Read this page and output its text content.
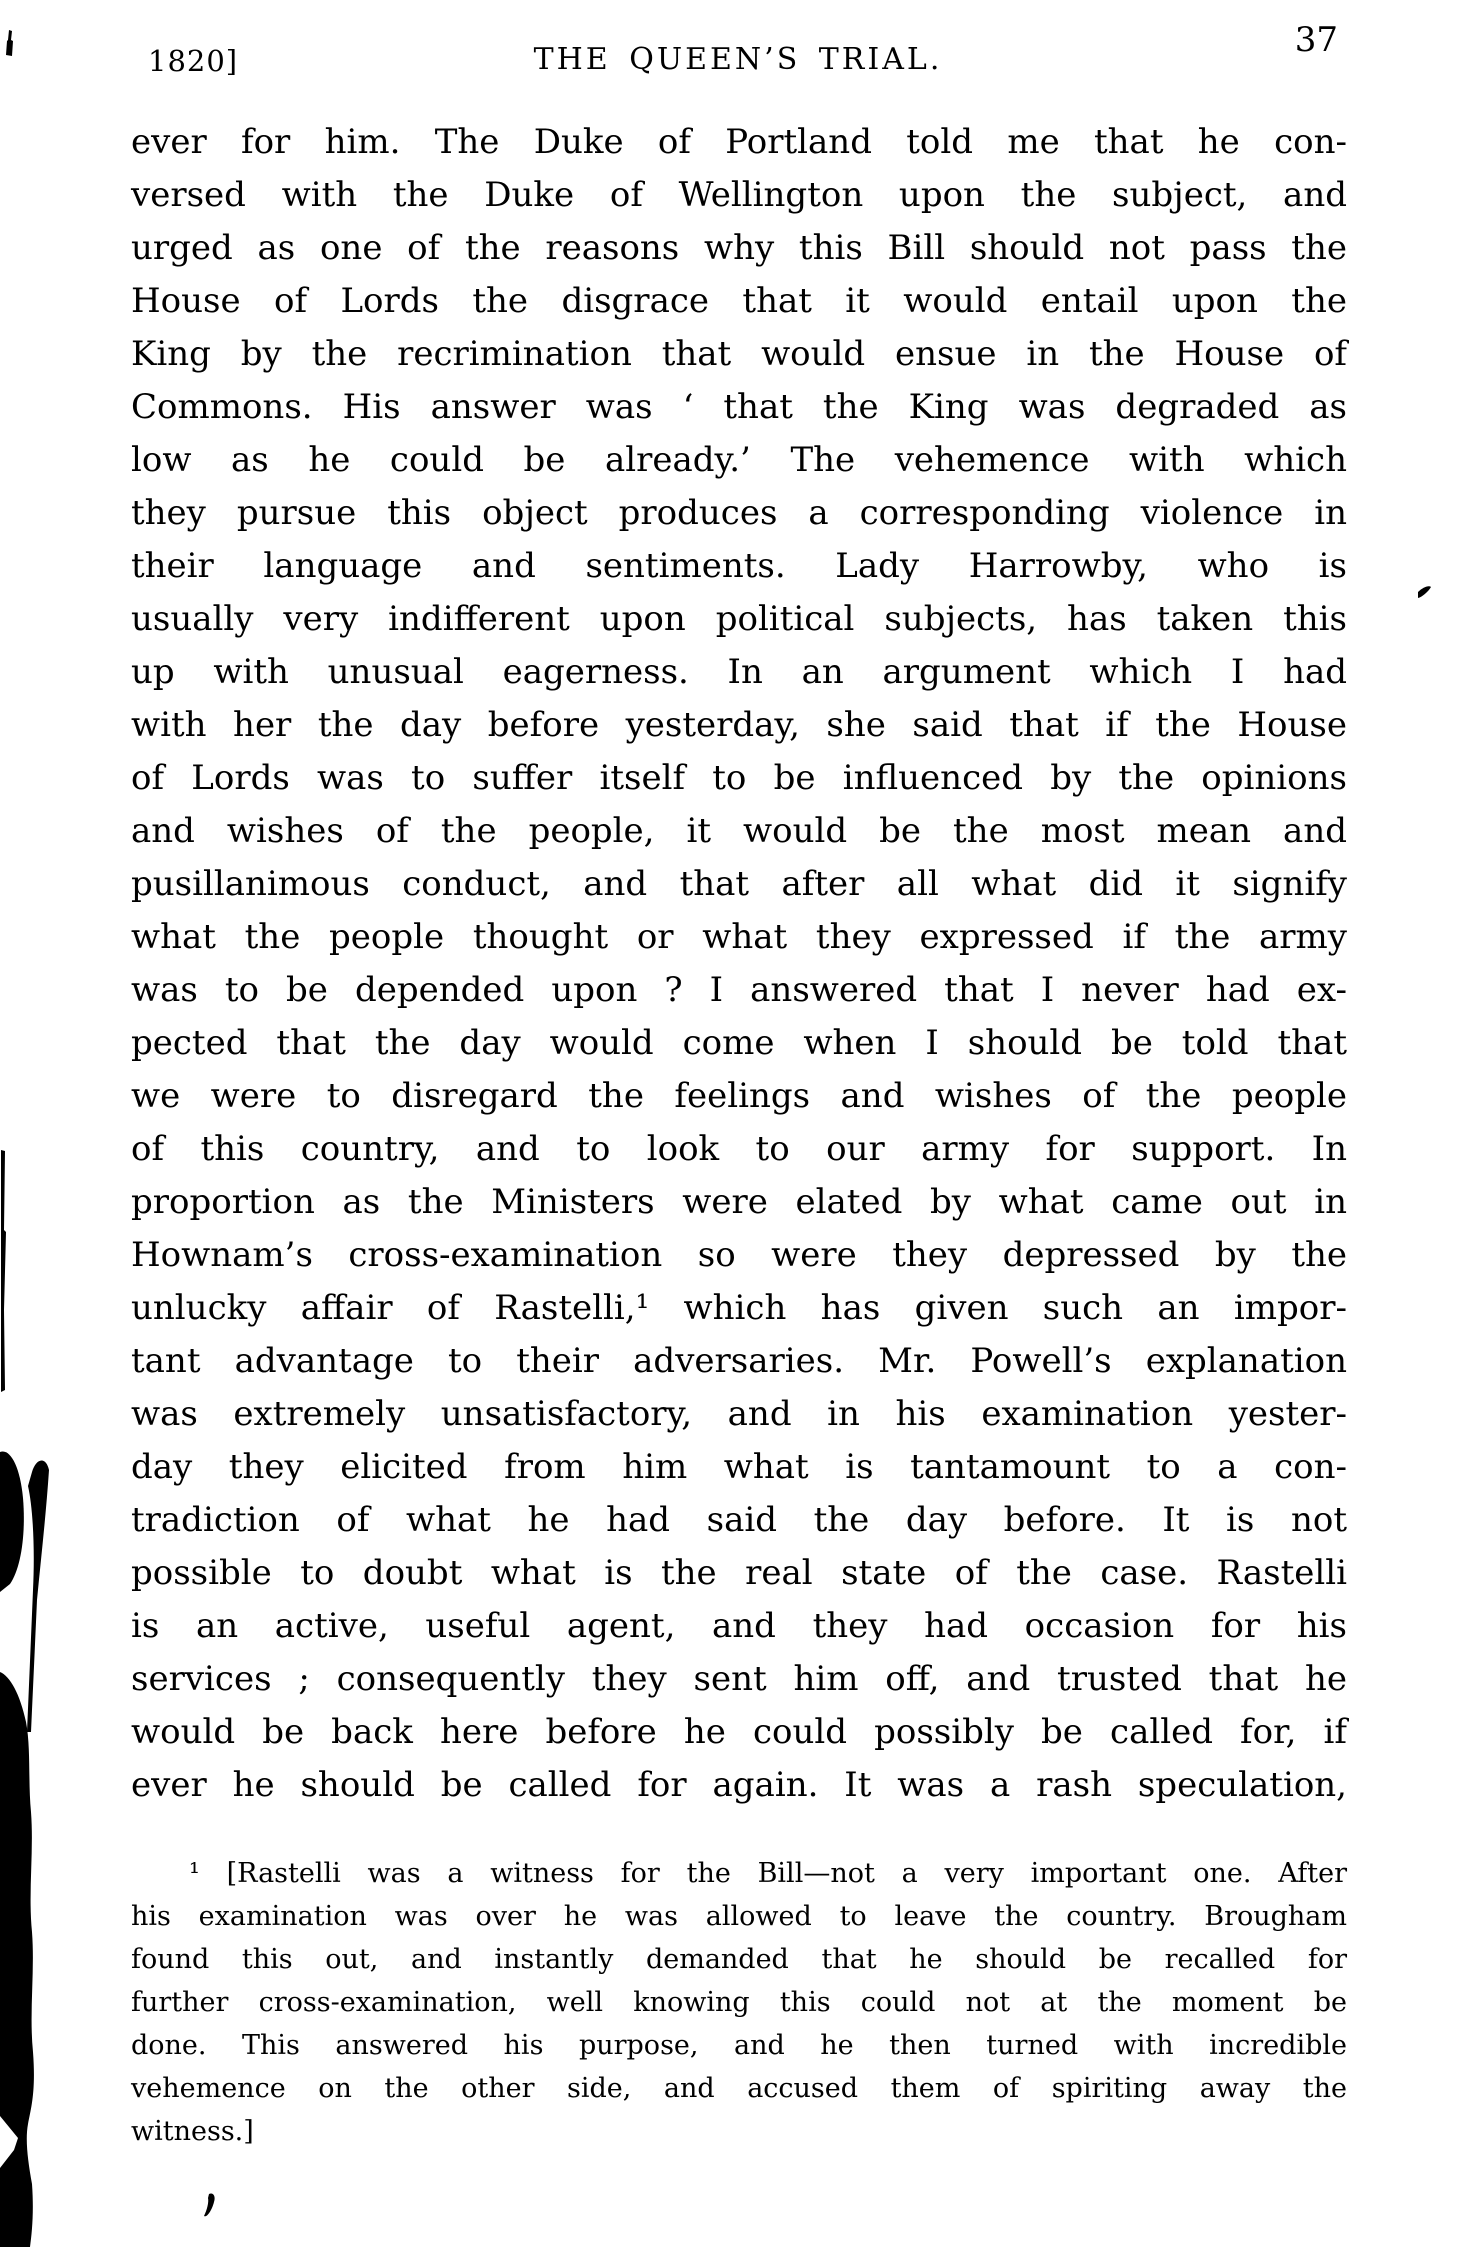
1820]	THE QUEEN’S TRIAL.	37
ever for him. The Duke of Portland told me that he con-
versed with the Duke of Wellington upon the subject, and
urged as one of the reasons why this Bill should not pass the
House of Lords the disgrace that it would entail upon the
King by the recrimination that would ensue in the House of
Commons. His answer was ‘ that the King was degraded as
low as he could be already.’ The vehemence with which
they pursue this object produces a corresponding violence in
their language and sentiments. Lady Harrowby, who is
usually very indifferent upon political subjects, has taken this
up with unusual eagerness. In an argument which I had
with her the day before yesterday, she said that if the House
of Lords was to suffer itself to be influenced by the opinions
and wishes of the people, it would be the most mean and
pusillanimous conduct, and that after all what did it signify
what the people thought or what they expressed if the army
was to be depended upon ? I answered that I never had ex-
pected that the day would come when I should be told that
we were to disregard the feelings and wishes of the people
of this country, and to look to our army for support. In
proportion as the Ministers were elated by what came out in
Hownam’s cross-examination so were they depressed by the
unlucky affair of Rastelli,¹ which has given such an impor-
tant advantage to their adversaries. Mr. Powell’s explanation
was extremely unsatisfactory, and in his examination yester-
day they elicited from him what is tantamount to a con-
tradiction of what he had said the day before. It is not
possible to doubt what is the real state of the case. Rastelli
is an active, useful agent, and they had occasion for his
services ; consequently they sent him off, and trusted that he
would be back here before he could possibly be called for, if
ever he should be called for again. It was a rash speculation,
¹ [Rastelli was a witness for the Bill—not a very important one. After
his examination was over he was allowed to leave the country. Brougham
found this out, and instantly demanded that he should be recalled for
further cross-examination, well knowing this could not at the moment be
done. This answered his purpose, and he then turned with incredible
vehemence on the other side, and accused them of spiriting away the
witness.]
